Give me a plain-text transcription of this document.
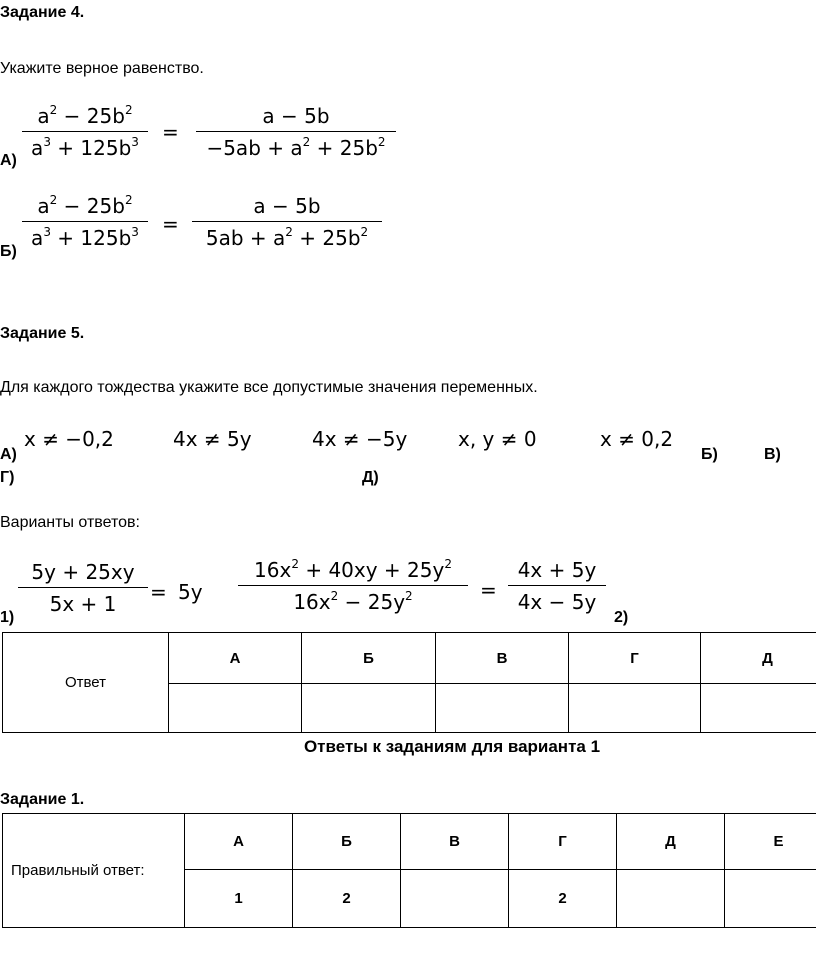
Задание 4.
Укажите верное равенство.
А)
$\frac{a^2 - 25b^2}{a^3 + 125b^3} = \frac{a - 5b}{-5ab + a^2 + 25b^2}$
Б)
$\frac{a^2 - 25b^2}{a^3 + 125b^3} = \frac{a - 5b}{5ab + a^2 + 25b^2}$
Задание 5.
Для каждого тождества укажите все допустимые значения переменных.
x ≠ −0,2	4x ≠ 5y	4x ≠ −5y	x, y ≠ 0	x ≠ 0,2
А)	Б)	В)
Г)	Д)
Варианты ответов:
$\frac{5y + 25xy}{5x + 1} = 5y$
1)
$\frac{16x^2 + 40xy + 25y^2}{16x^2 - 25y^2} = \frac{4x + 5y}{4x - 5y}$
2)
Ответ	А	Б	В	Г	Д

Ответы к заданиям для варианта 1
Задание 1.
Правильный ответ:	А	Б	В	Г	Д	Е
	1	2		2		
